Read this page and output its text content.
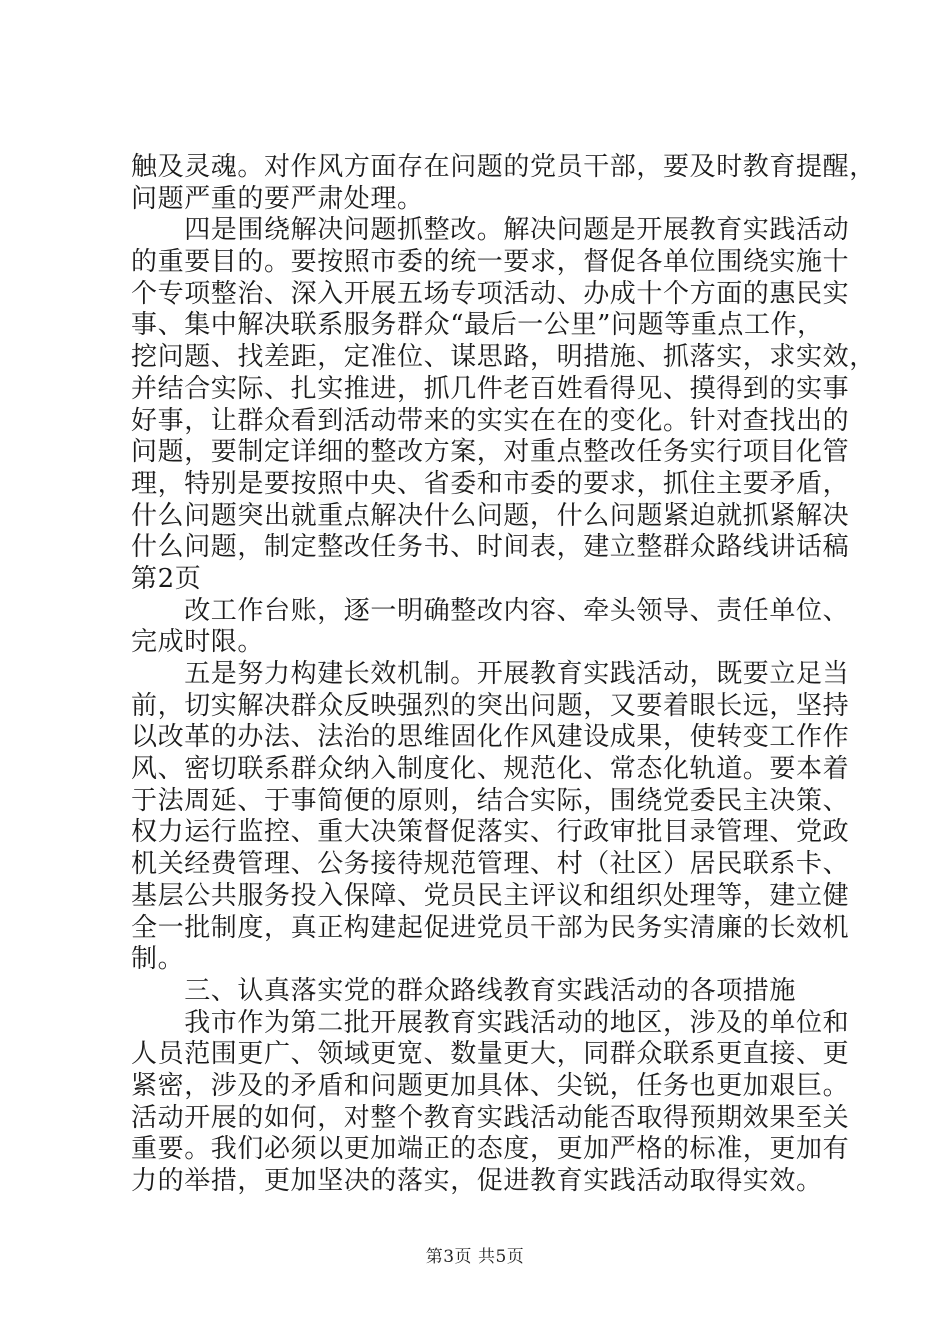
触及灵魂。对作风方面存在问题的党员干部，要及时教育提醒，
问题严重的要严肃处理。
　　四是围绕解决问题抓整改。解决问题是开展教育实践活动
的重要目的。要按照市委的统一要求，督促各单位围绕实施十
个专项整治、深入开展五场专项活动、办成十个方面的惠民实
事、集中解决联系服务群众“最后一公里”问题等重点工作，
挖问题、找差距，定准位、谋思路，明措施、抓落实，求实效，
并结合实际、扎实推进，抓几件老百姓看得见、摸得到的实事
好事，让群众看到活动带来的实实在在的变化。针对查找出的
问题，要制定详细的整改方案，对重点整改任务实行项目化管
理，特别是要按照中央、省委和市委的要求，抓住主要矛盾，
什么问题突出就重点解决什么问题，什么问题紧迫就抓紧解决
什么问题，制定整改任务书、时间表，建立整群众路线讲话稿
第2页
　　改工作台账，逐一明确整改内容、牵头领导、责任单位、
完成时限。
　　五是努力构建长效机制。开展教育实践活动，既要立足当
前，切实解决群众反映强烈的突出问题，又要着眼长远，坚持
以改革的办法、法治的思维固化作风建设成果，使转变工作作
风、密切联系群众纳入制度化、规范化、常态化轨道。要本着
于法周延、于事简便的原则，结合实际，围绕党委民主决策、
权力运行监控、重大决策督促落实、行政审批目录管理、党政
机关经费管理、公务接待规范管理、村（社区）居民联系卡、
基层公共服务投入保障、党员民主评议和组织处理等，建立健
全一批制度，真正构建起促进党员干部为民务实清廉的长效机
制。
　　三、认真落实党的群众路线教育实践活动的各项措施
　　我市作为第二批开展教育实践活动的地区，涉及的单位和
人员范围更广、领域更宽、数量更大，同群众联系更直接、更
紧密，涉及的矛盾和问题更加具体、尖锐，任务也更加艰巨。
活动开展的如何，对整个教育实践活动能否取得预期效果至关
重要。我们必须以更加端正的态度，更加严格的标准，更加有
力的举措，更加坚决的落实，促进教育实践活动取得实效。
第3页 共5页
